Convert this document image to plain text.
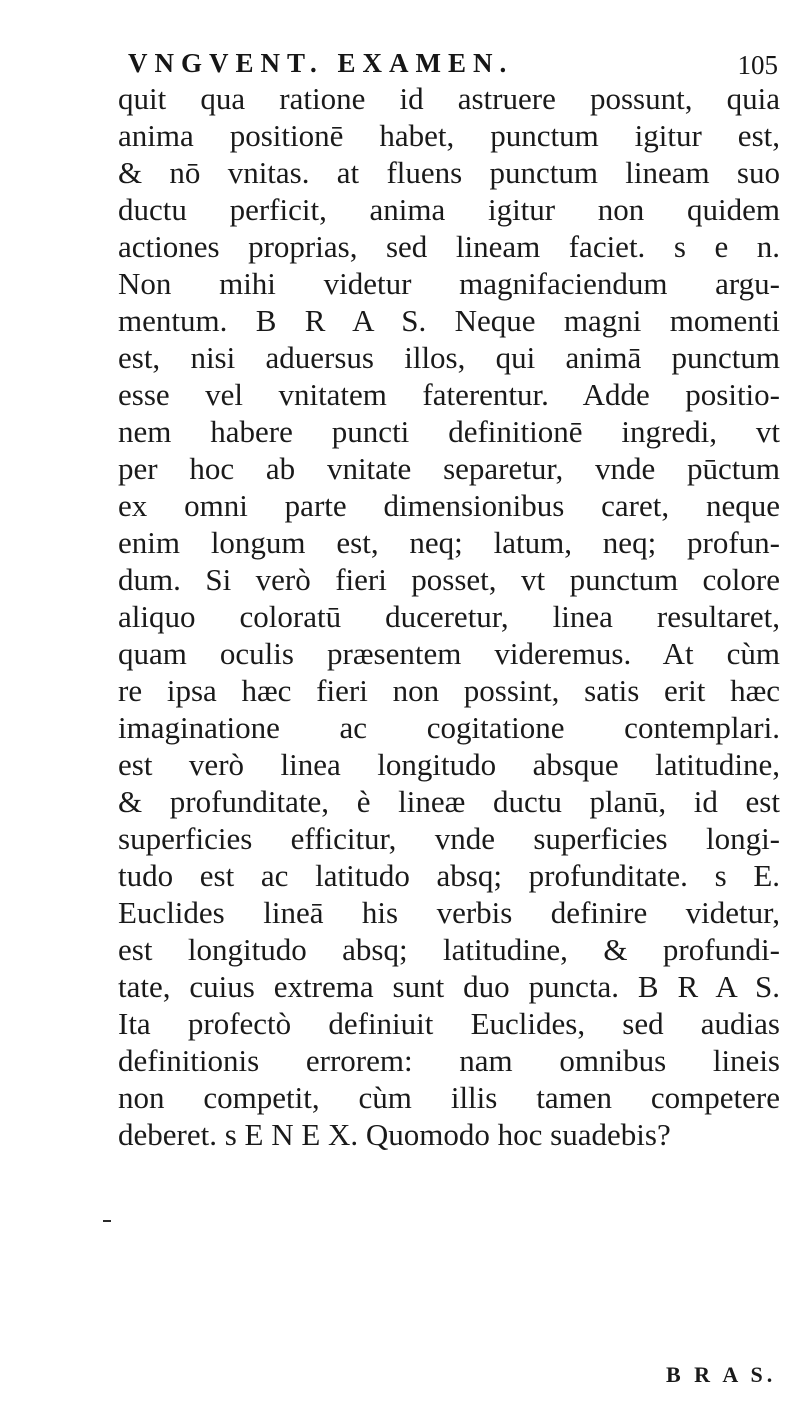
VNGVENT. EXAMEN.	105
quit qua ratione id astruere possunt, quia
anima positionē habet, punctum igitur est,
& nō vnitas. at fluens punctum lineam suo
ductu perficit, anima igitur non quidem
actiones proprias, sed lineam faciet. s e n.
Non mihi videtur magnifaciendum argu-
mentum. B R A S. Neque magni momenti
est, nisi aduersus illos, qui animā punctum
esse vel vnitatem faterentur. Adde positio-
nem habere puncti definitionē ingredi, vt
per hoc ab vnitate separetur, vnde pūctum
ex omni parte dimensionibus caret, neque
enim longum est, neq; latum, neq; profun-
dum. Si verò fieri posset, vt punctum colore
aliquo coloratū duceretur, linea resultaret,
quam oculis præsentem videremus. At cùm
re ipsa hæc fieri non possint, satis erit hæc
imaginatione ac cogitatione contemplari.
est verò linea longitudo absque latitudine,
& profunditate, è lineæ ductu planū, id est
superficies efficitur, vnde superficies longi-
tudo est ac latitudo absq; profunditate. s E.
Euclides lineā his verbis definire videtur,
est longitudo absq; latitudine, & profundi-
tate, cuius extrema sunt duo puncta. B R A S.
Ita profectò definiuit Euclides, sed audias
definitionis errorem: nam omnibus lineis
non competit, cùm illis tamen competere
deberet. s E N E X. Quomodo hoc suadebis?
B R A S.
